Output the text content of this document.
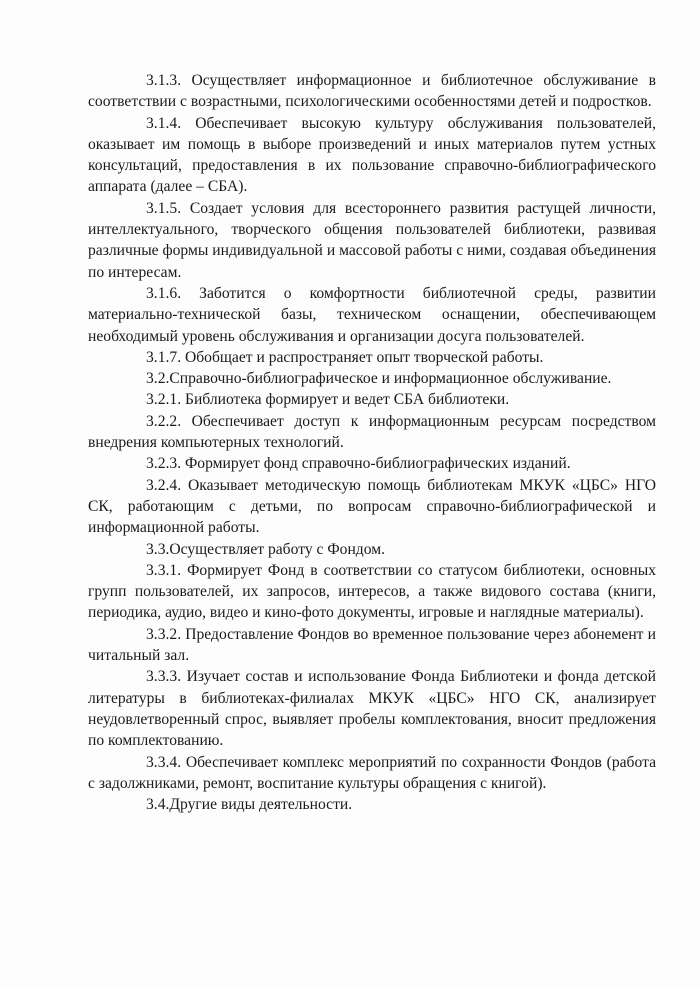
3.1.3. Осуществляет информационное и библиотечное обслуживание в соответствии с возрастными, психологическими особенностями детей и подростков.

3.1.4. Обеспечивает высокую культуру обслуживания пользователей, оказывает им помощь в выборе произведений и иных материалов путем устных консультаций, предоставления в их пользование справочно-библиографического аппарата (далее – СБА).

3.1.5. Создает условия для всестороннего развития растущей личности, интеллектуального, творческого общения пользователей библиотеки, развивая различные формы индивидуальной и массовой работы с ними, создавая объединения по интересам.

3.1.6. Заботится о комфортности библиотечной среды, развитии материально-технической базы, техническом оснащении, обеспечивающем необходимый уровень обслуживания и организации досуга пользователей.

3.1.7. Обобщает и распространяет опыт творческой работы.

3.2.Справочно-библиографическое и информационное обслуживание.

3.2.1. Библиотека формирует и ведет СБА библиотеки.

3.2.2. Обеспечивает доступ к информационным ресурсам посредством внедрения компьютерных технологий.

3.2.3. Формирует фонд справочно-библиографических изданий.

3.2.4. Оказывает методическую помощь библиотекам МКУК «ЦБС» НГО СК, работающим с детьми, по вопросам справочно-библиографической и информационной работы.

3.3.Осуществляет работу с Фондом.

3.3.1. Формирует Фонд в соответствии со статусом библиотеки, основных групп пользователей, их запросов, интересов, а также видового состава (книги, периодика, аудио, видео и кино-фото документы, игровые и наглядные материалы).

3.3.2. Предоставление Фондов во временное пользование через абонемент и читальный зал.

3.3.3. Изучает состав и использование Фонда Библиотеки и фонда детской литературы в библиотеках-филиалах МКУК «ЦБС» НГО СК, анализирует неудовлетворенный спрос, выявляет пробелы комплектования, вносит предложения по комплектованию.

3.3.4. Обеспечивает комплекс мероприятий по сохранности Фондов (работа с задолжниками, ремонт, воспитание культуры обращения с книгой).

3.4.Другие виды деятельности.
